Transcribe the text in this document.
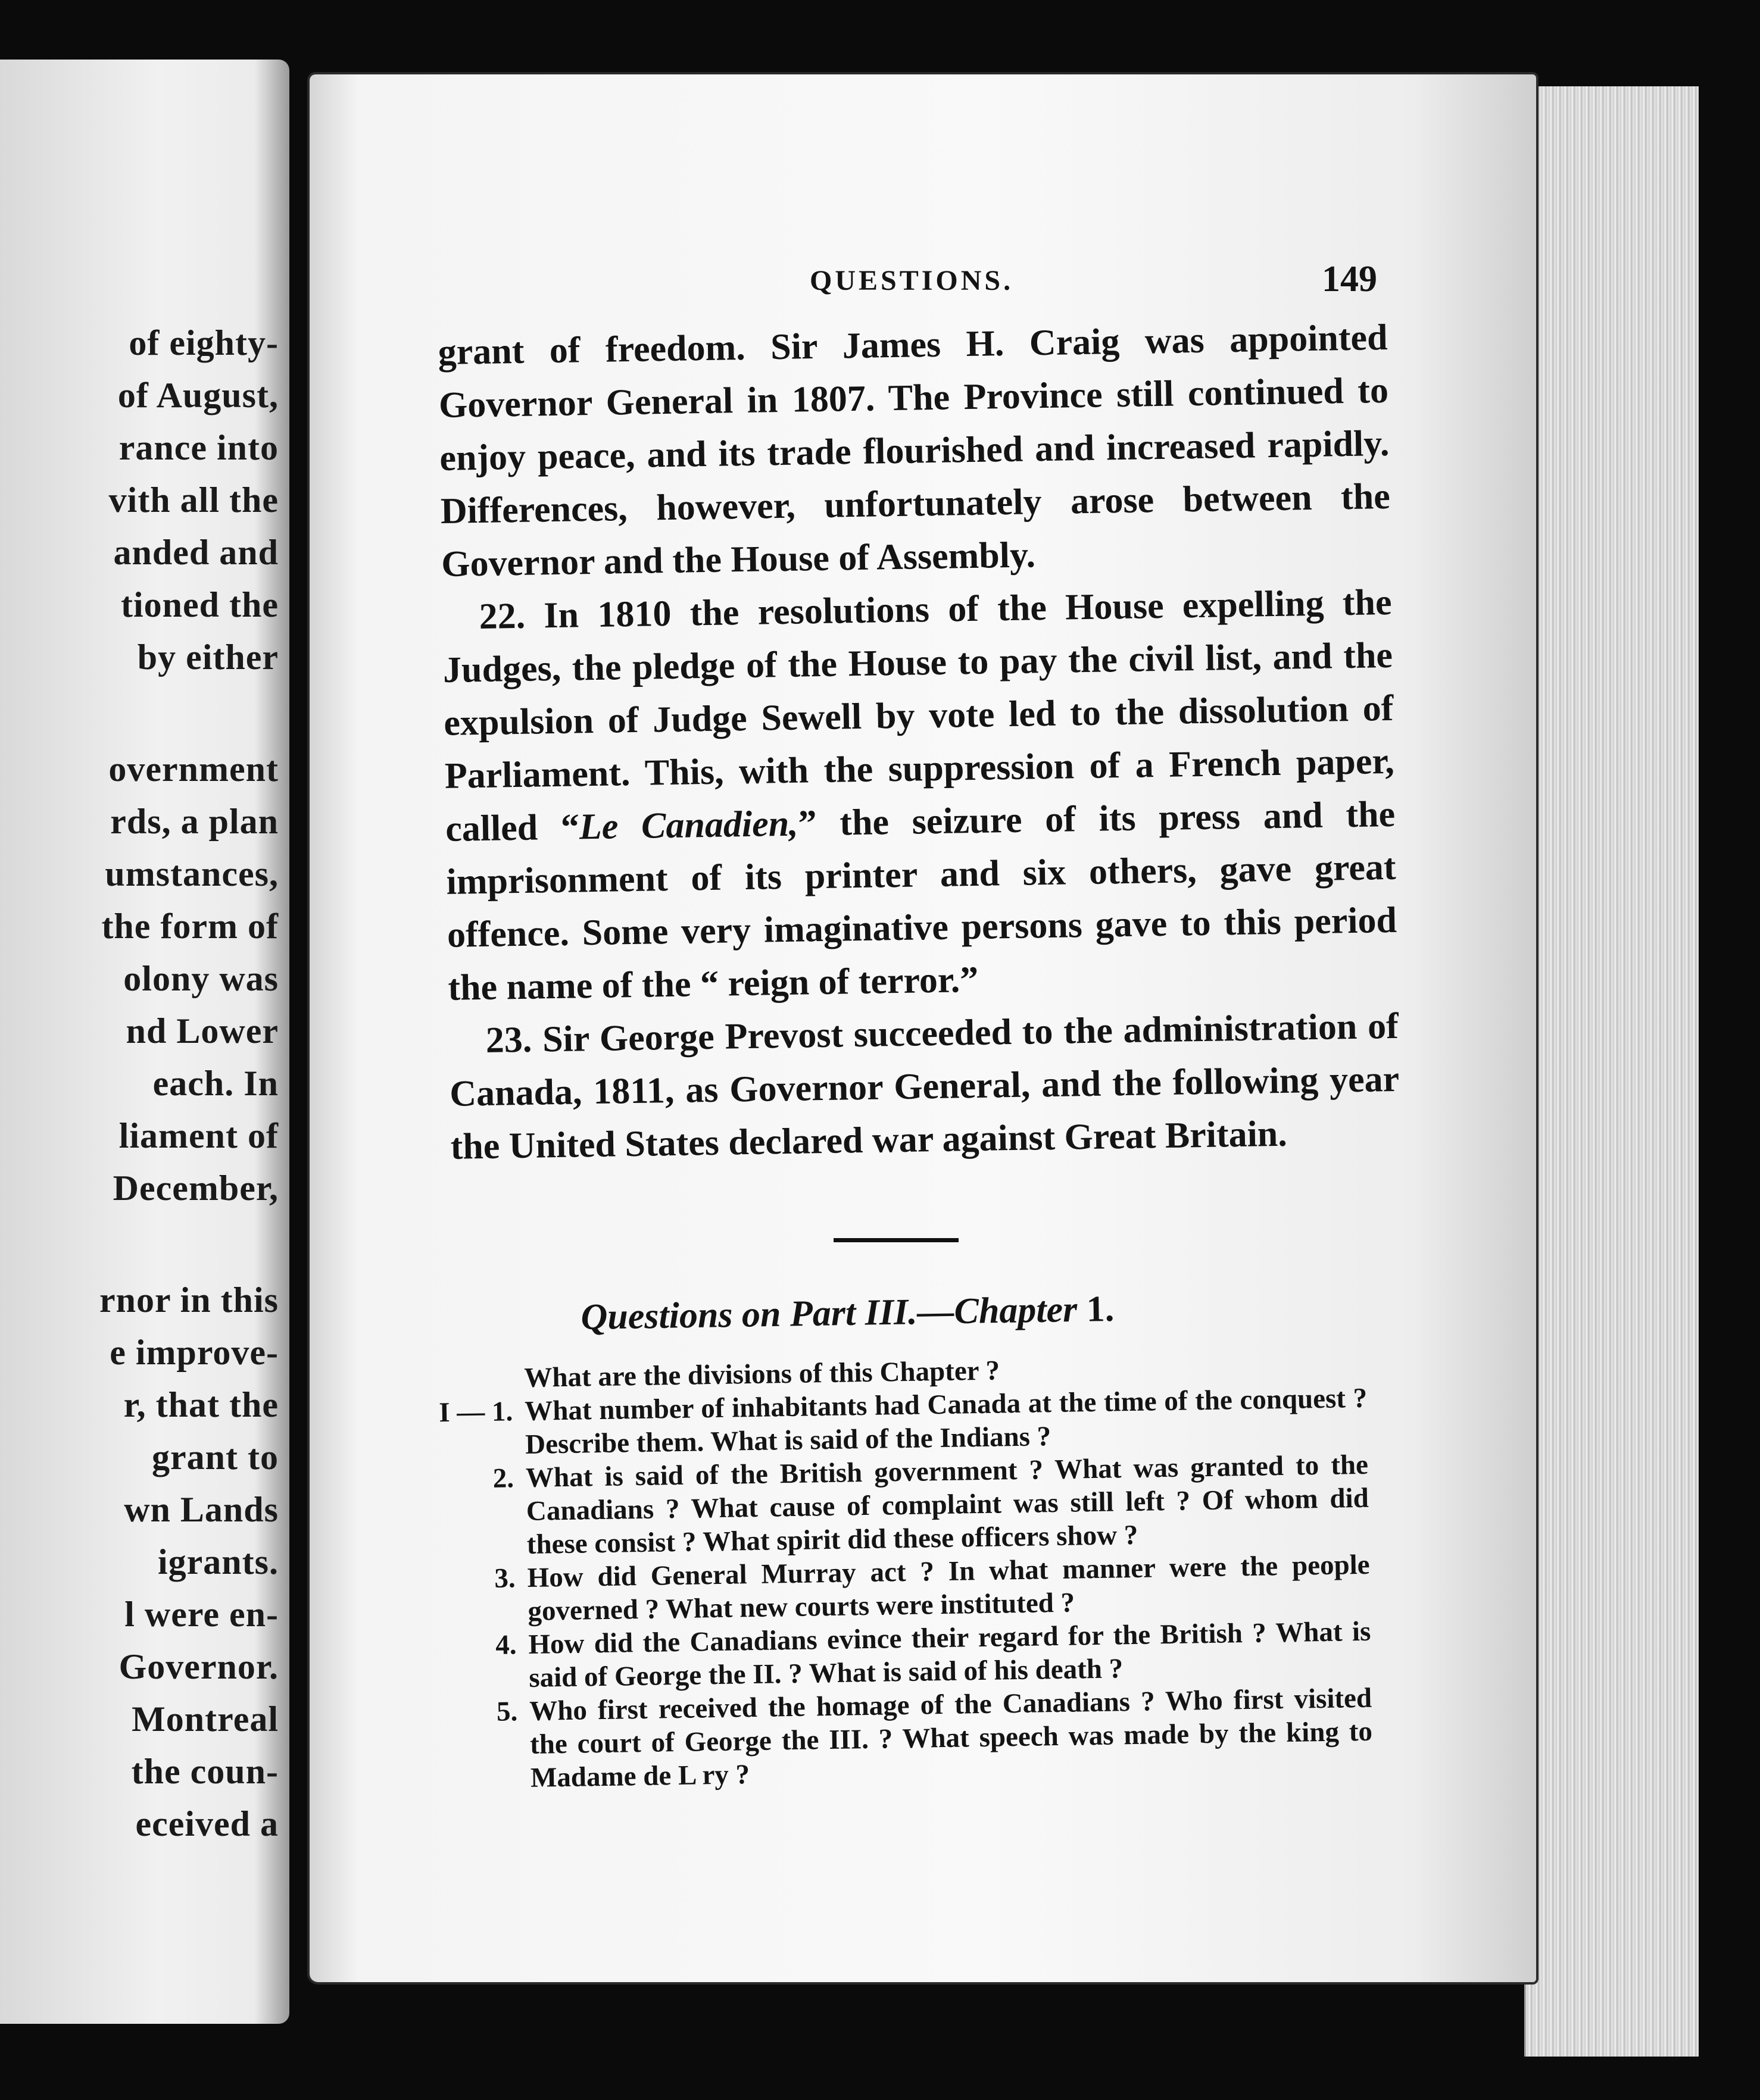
of eighty-
of August,
rance into
vith all the
anded and
tioned the
by either
overnment
rds, a plan
umstances,
the form of
olony was
nd Lower
each. In
liament of
December,
rnor in this
e improve-
r, that the
grant to
wn Lands
igrants.
l were en-
Governor.
Montreal
the coun-
eceived a
QUESTIONS.	149

grant of freedom. Sir James H. Craig was appointed Governor General in 1807. The Province still continued to enjoy peace, and its trade flourished and increased rapidly. Differences, however, unfortunately arose between the Governor and the House of Assembly.

22. In 1810 the resolutions of the House expelling the Judges, the pledge of the House to pay the civil list, and the expulsion of Judge Sewell by vote led to the dissolution of Parliament. This, with the suppression of a French paper, called “Le Canadien,” the seizure of its press and the imprisonment of its printer and six others, gave great offence. Some very imaginative persons gave to this period the name of the “ reign of terror.”

23. Sir George Prevost succeeded to the administration of Canada, 1811, as Governor General, and the following year the United States declared war against Great Britain.

Questions on Part III.—Chapter 1.
What are the divisions of this Chapter ?
I — 1. What number of inhabitants had Canada at the time of the conquest ? Describe them. What is said of the Indians ?
2. What is said of the British government ? What was granted to the Canadians ? What cause of complaint was still left ? Of whom did these consist ? What spirit did these officers show ?
3. How did General Murray act ? In what manner were the people governed ? What new courts were instituted ?
4. How did the Canadians evince their regard for the British ? What is said of George the II. ? What is said of his death ?
5. Who first received the homage of the Canadians ? Who first visited the court of George the III. ? What speech was made by the king to Madame de L ry ?
